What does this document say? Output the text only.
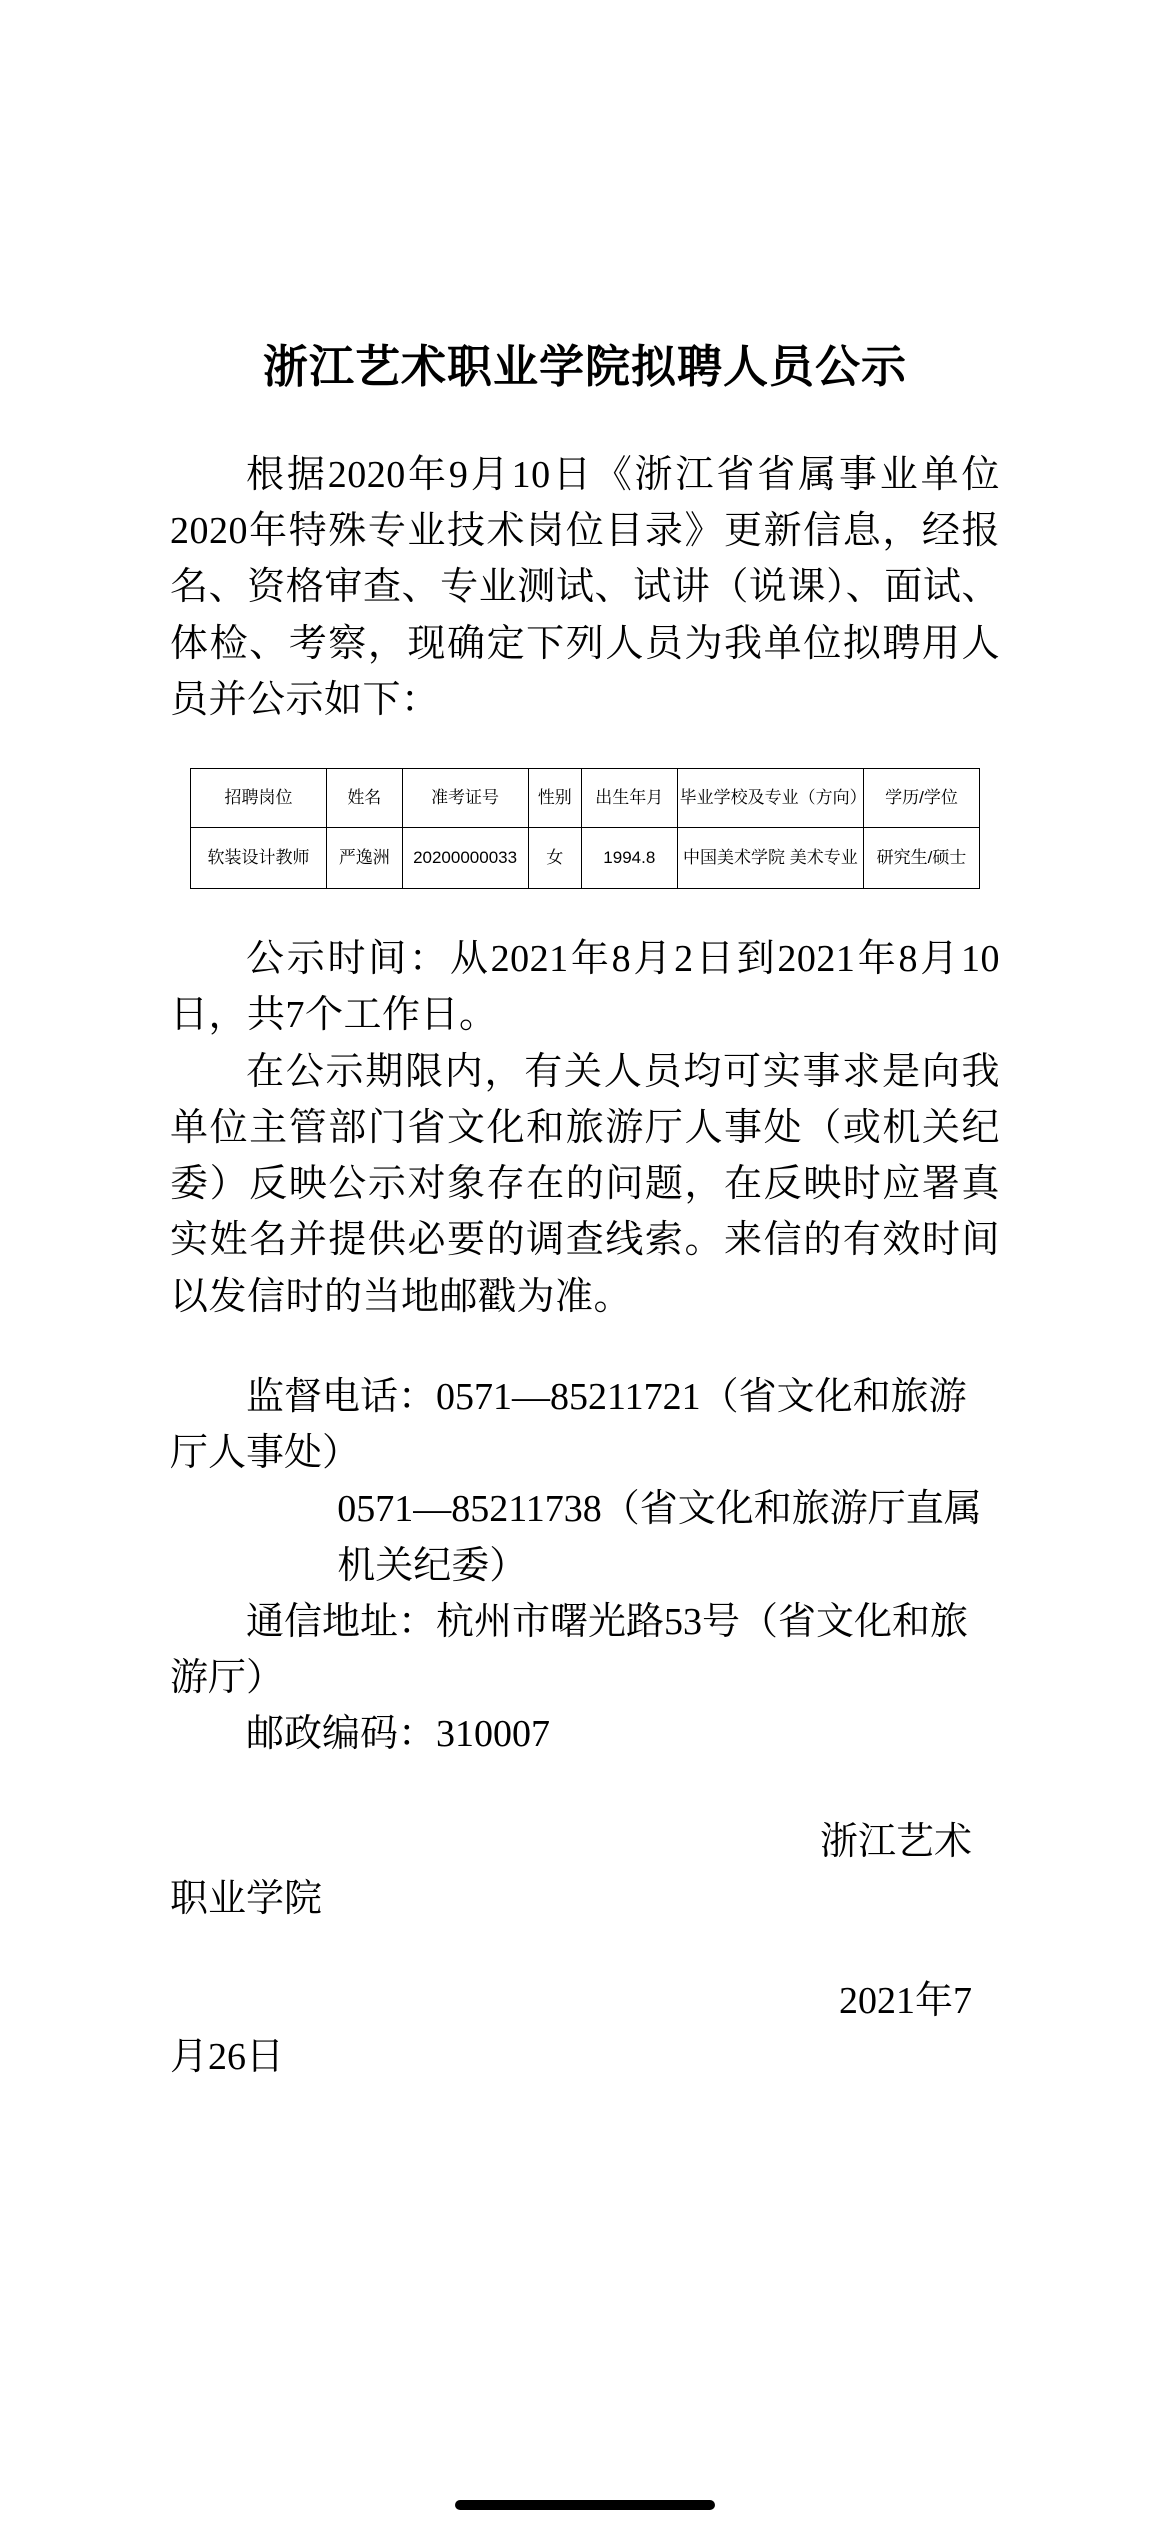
浙江艺术职业学院拟聘人员公示

根据2020年9月10日《浙江省省属事业单位2020年特殊专业技术岗位目录》更新信息，经报名、资格审查、专业测试、试讲（说课）、面试、体检、考察，现确定下列人员为我单位拟聘用人员并公示如下：

招聘岗位	姓名	准考证号	性别	出生年月	毕业学校及专业（方向）	学历/学位
软装设计教师	严逸洲	20200000033	女	1994.8	中国美术学院 美术专业	研究生/硕士

公示时间：从2021年8月2日到2021年8月10日，共7个工作日。

在公示期限内，有关人员均可实事求是向我单位主管部门省文化和旅游厅人事处（或机关纪委）反映公示对象存在的问题，在反映时应署真实姓名并提供必要的调查线索。来信的有效时间以发信时的当地邮戳为准。

监督电话：0571—85211721（省文化和旅游厅人事处）

0571—85211738（省文化和旅游厅直属机关纪委）

通信地址：杭州市曙光路53号（省文化和旅游厅）

邮政编码：310007

浙江艺术

职业学院

2021年7

月26日
